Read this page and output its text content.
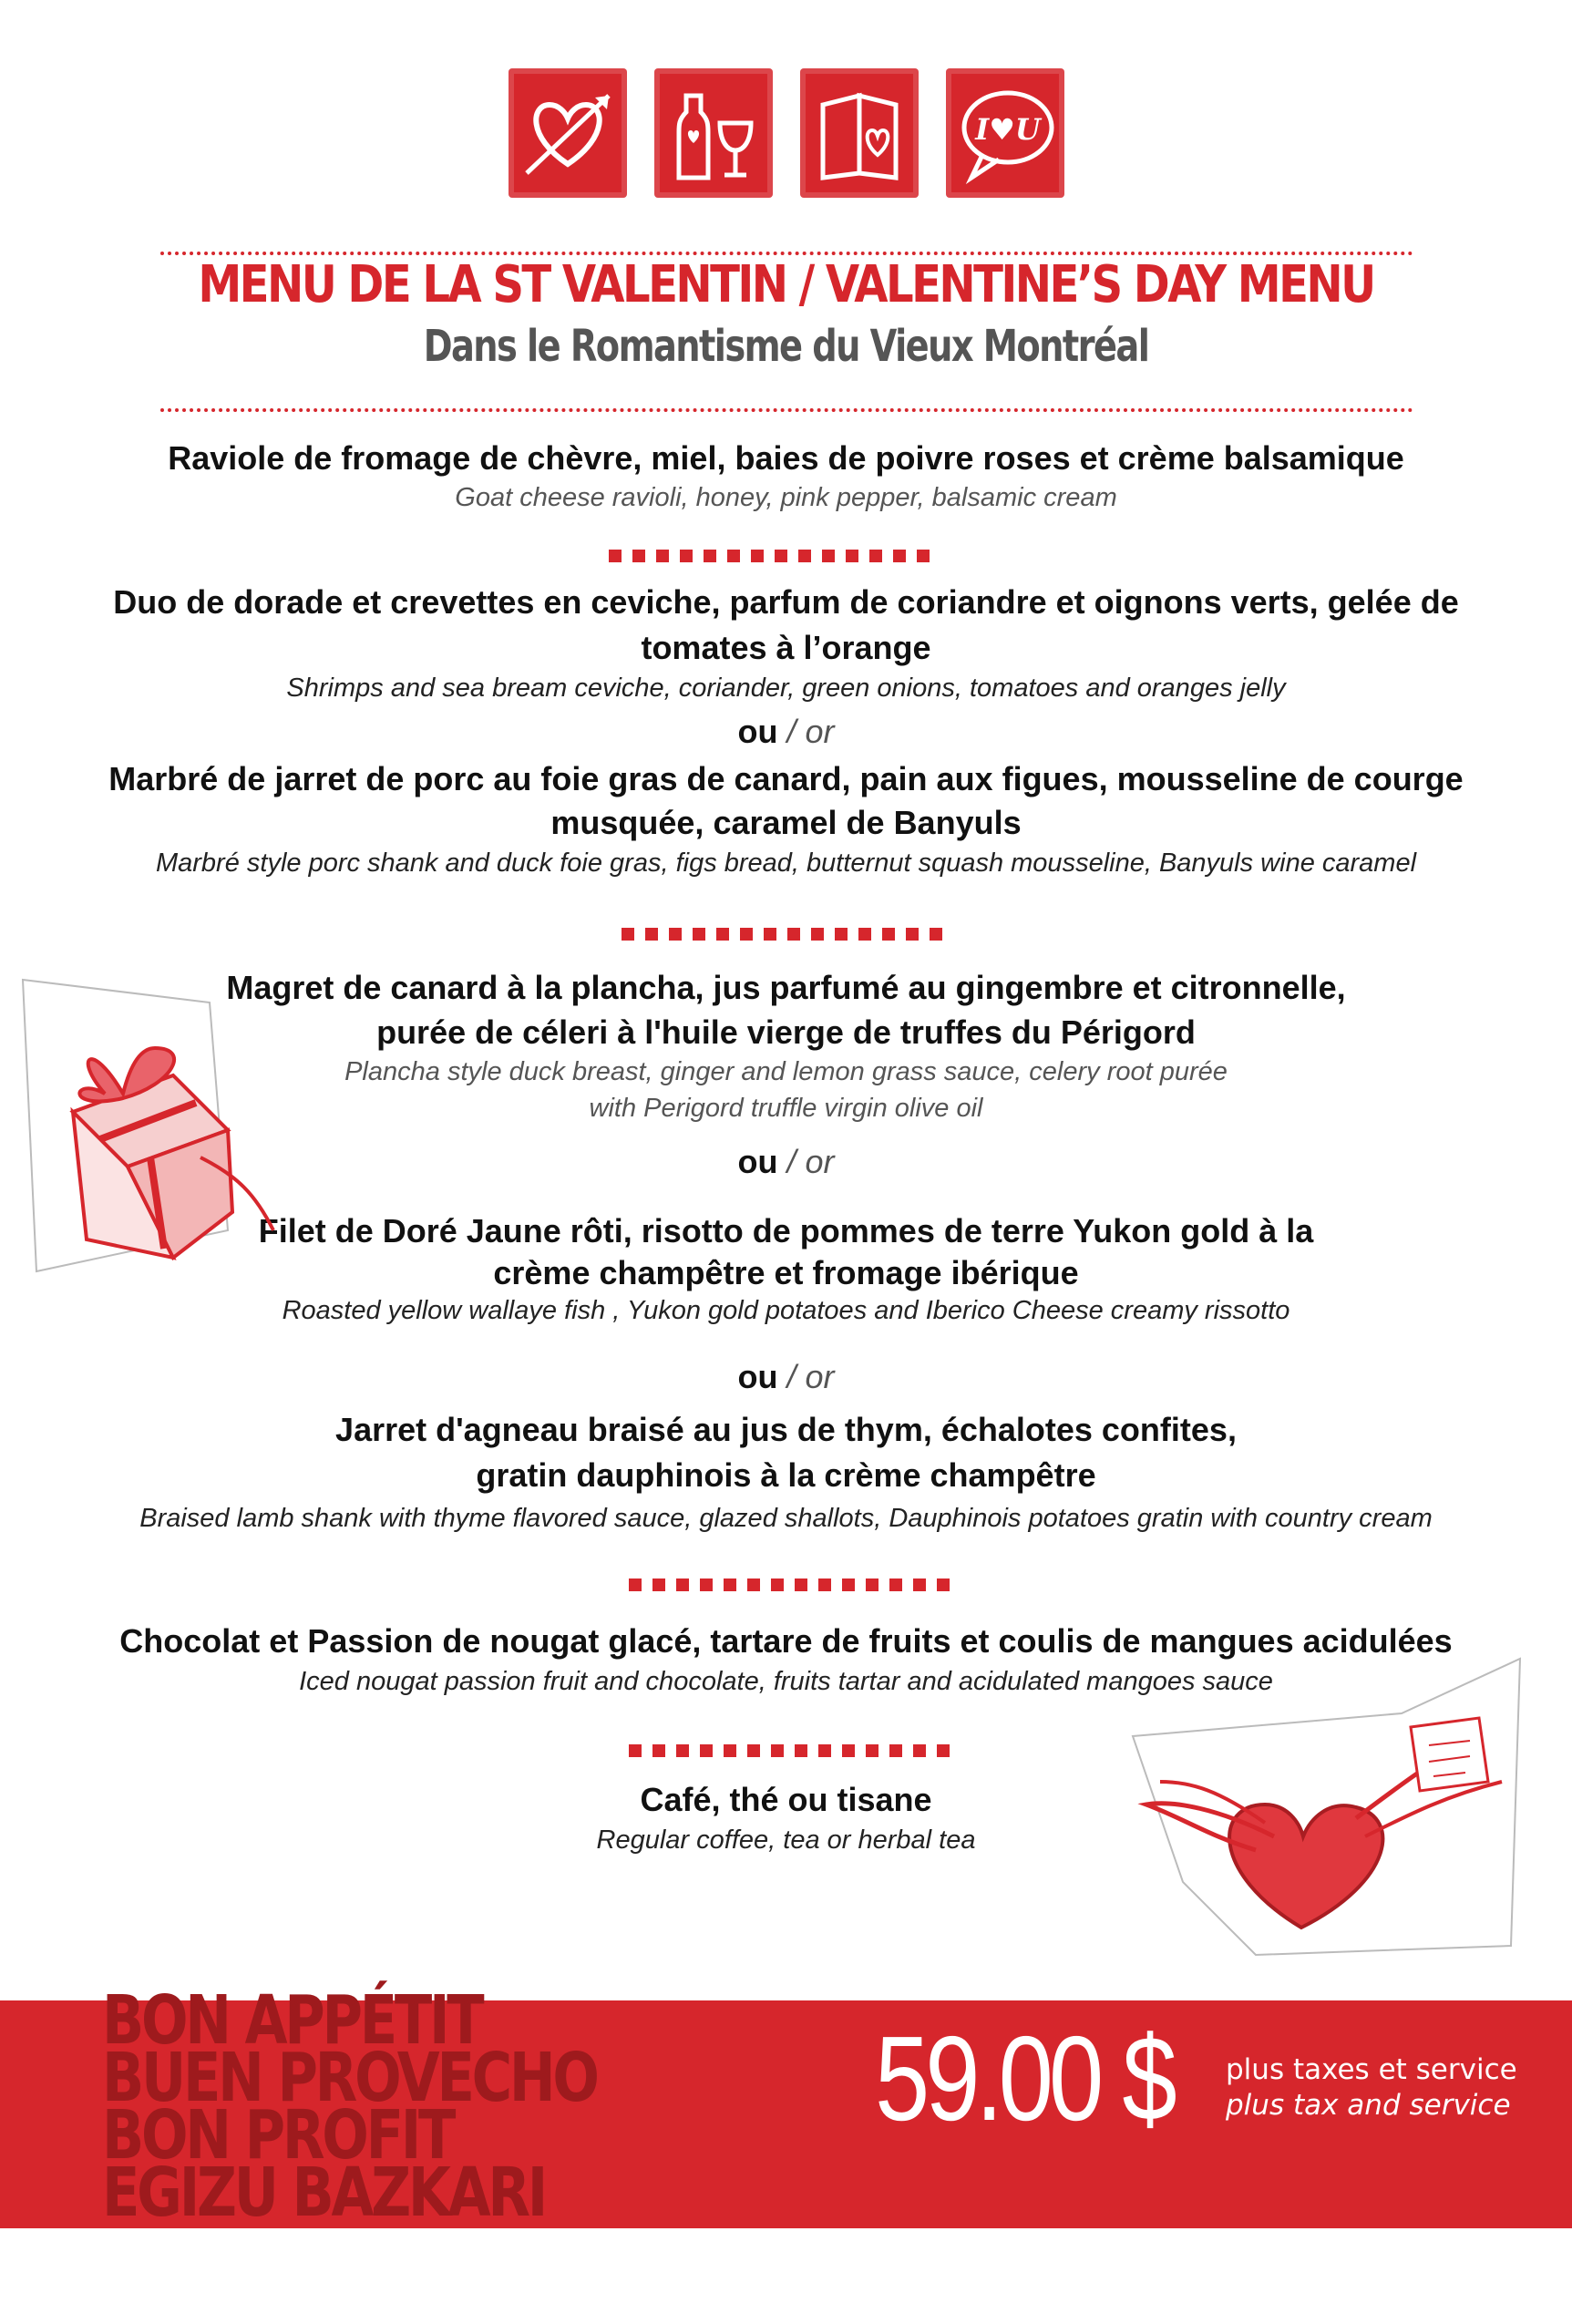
I♥U
MENU DE LA ST VALENTIN / VALENTINE’S DAY MENU
Dans le Romantisme du Vieux Montréal
Raviole de fromage de chèvre, miel, baies de poivre roses et crème balsamique
Goat cheese ravioli, honey, pink pepper, balsamic cream
Duo de dorade et crevettes en ceviche, parfum de coriandre et oignons verts, gelée de
tomates à l’orange
Shrimps and sea bream ceviche, coriander, green onions, tomatoes and oranges jelly
ou / or
Marbré de jarret de porc au foie gras de canard, pain aux figues, mousseline de courge
musquée, caramel de Banyuls
Marbré style porc shank and duck foie gras, figs bread, butternut squash mousseline, Banyuls wine caramel
Magret de canard à la plancha, jus parfumé au gingembre et citronnelle,
purée de céleri à l'huile vierge de truffes du Périgord
Plancha style duck breast, ginger and lemon grass sauce, celery root purée
with Perigord truffle virgin olive oil
ou / or
Filet de Doré Jaune rôti, risotto de pommes de terre Yukon gold à la
crème champêtre et fromage ibérique
Roasted yellow wallaye fish , Yukon gold potatoes and Iberico Cheese creamy rissotto
ou / or
Jarret d'agneau braisé au jus de thym, échalotes confites,
gratin dauphinois à la crème champêtre
Braised lamb shank with thyme flavored sauce, glazed shallots, Dauphinois potatoes gratin with country cream
Chocolat et Passion de nougat glacé, tartare de fruits et coulis de mangues acidulées
Iced nougat passion fruit and chocolate, fruits tartar and acidulated mangoes sauce
Café, thé ou tisane
Regular coffee, tea or herbal tea
BON APPÉTIT
BUEN PROVECHO
BON PROFIT
EGIZU BAZKARI
59.00 $ plus taxes et service
plus tax and service
